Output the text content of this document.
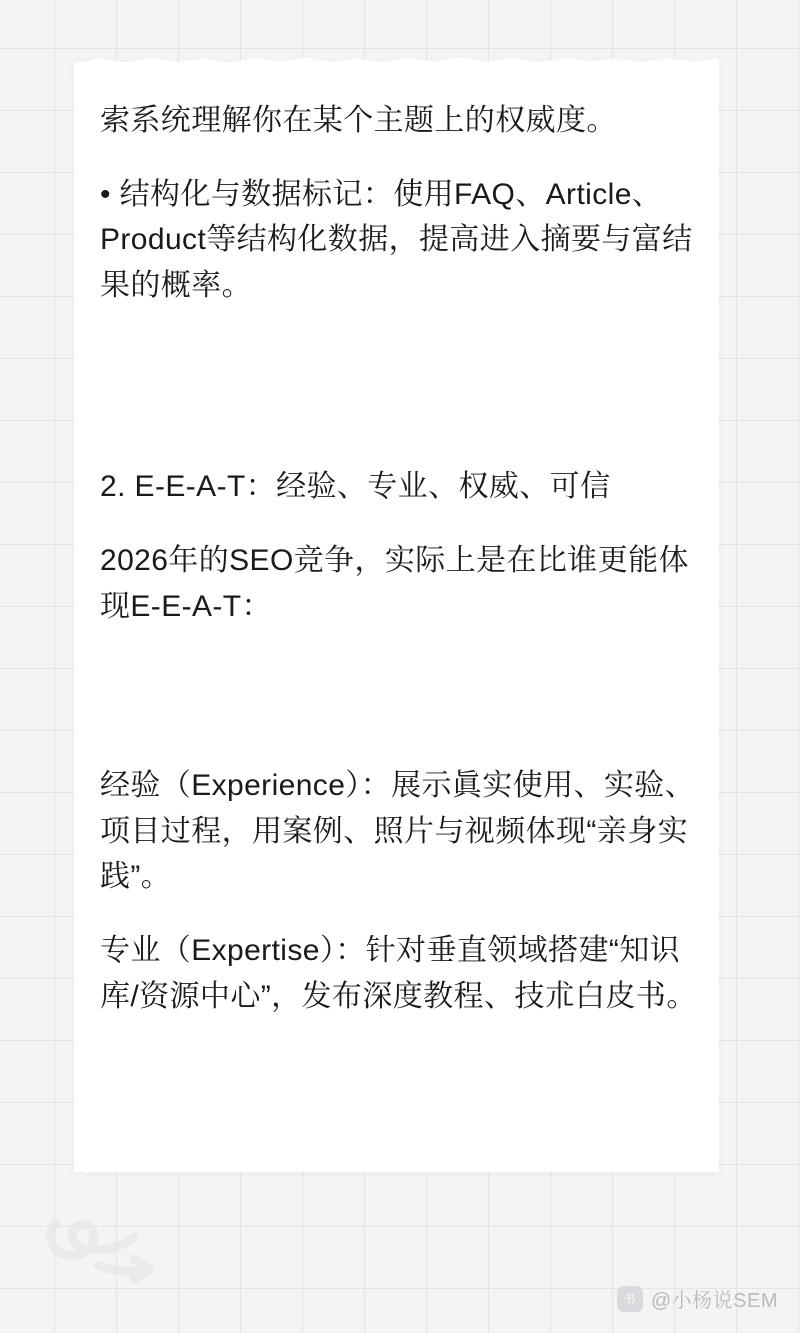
索系统理解你在某个主题上的权威度。

• 结构化与数据标记：使用FAQ、Article、Product等结构化数据，提高进入摘要与富结果的概率。

2. E-E-A-T：经验、专业、权威、可信

2026年的SEO竞争，实际上是在比谁更能体现E-E-A-T：

经验（Experience）：展示眞实使用、实验、项目过程，用案例、照片与视频体现“亲身实践”。

专业（Expertise）：针对垂直领域搭建“知识库/资源中心”，发布深度教程、技朮白皮书。

书 @小杨说SEM
